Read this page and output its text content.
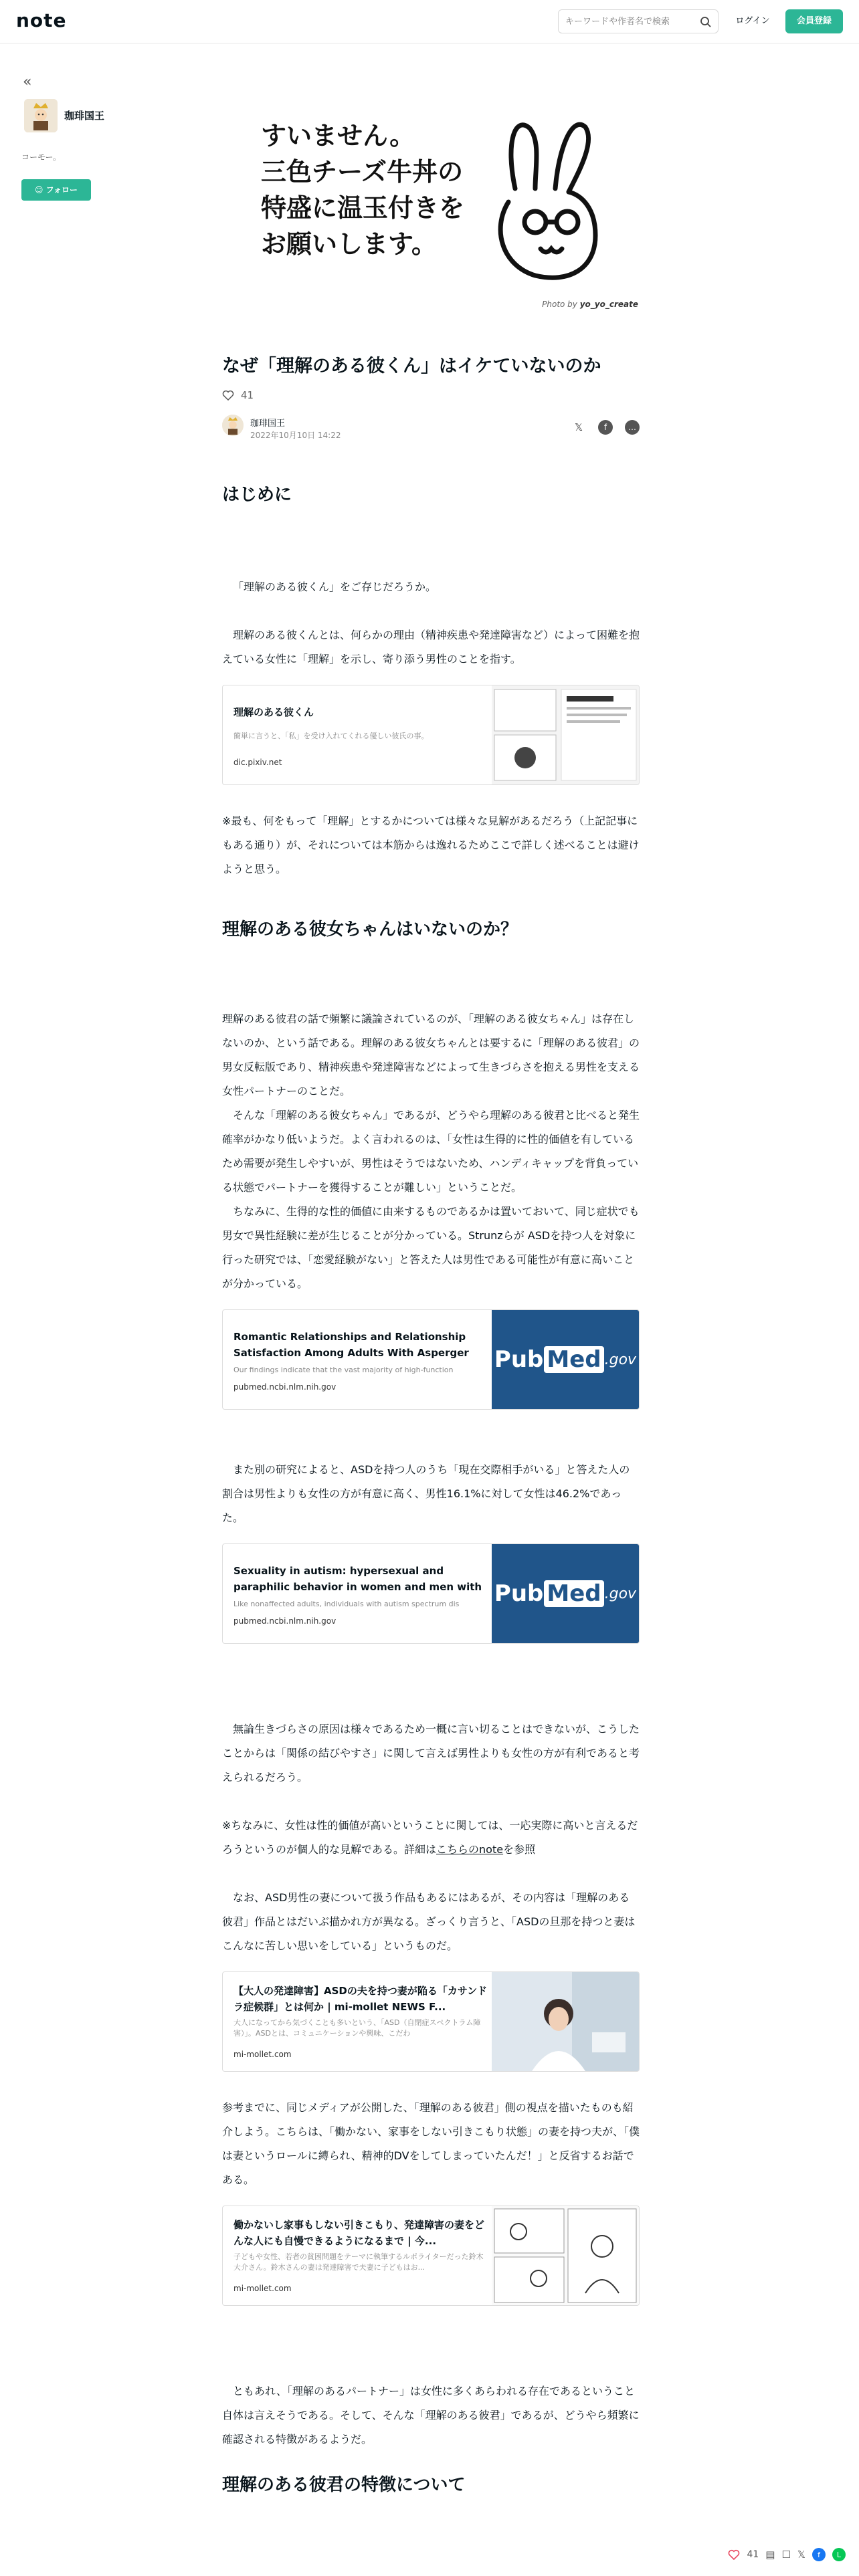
note
キーワードや作者名で検索	ログイン	会員登録
«
珈琲国王
コーモー。
☺ フォロー
すいません。
三色チーズ牛丼の
特盛に温玉付きを
お願いします。
Photo by yo_yo_create
なぜ「理解のある彼くん」はイケていないのか
41
珈琲国王
2022年10月10日 14:22
𝕏	f	…
はじめに

「理解のある彼くん」をご存じだろうか。

理解のある彼くんとは、何らかの理由（精神疾患や発達障害など）によって困難を抱えている女性に「理解」を示し、寄り添う男性のことを指す。

理解のある彼くん
簡単に言うと、「私」を受け入れてくれる優しい彼氏の事。
dic.pixiv.net

※最も、何をもって「理解」とするかについては様々な見解があるだろう（上記記事にもある通り）が、それについては本筋からは逸れるためここで詳しく述べることは避けようと思う。

理解のある彼女ちゃんはいないのか？

理解のある彼君の話で頻繁に議論されているのが、「理解のある彼女ちゃん」は存在しないのか、という話である。理解のある彼女ちゃんとは要するに「理解のある彼君」の男女反転版であり、精神疾患や発達障害などによって生きづらさを抱える男性を支える女性パートナーのことだ。

そんな「理解のある彼女ちゃん」であるが、どうやら理解のある彼君と比べると発生確率がかなり低いようだ。よく言われるのは、「女性は生得的に性的価値を有しているため需要が発生しやすいが、男性はそうではないため、ハンディキャップを背負っている状態でパートナーを獲得することが難しい」ということだ。

ちなみに、生得的な性的価値に由来するものであるかは置いておいて、同じ症状でも男女で異性経験に差が生じることが分かっている。Strunzらが ASDを持つ人を対象に行った研究では、「恋愛経験がない」と答えた人は男性である可能性が有意に高いことが分かっている。

Romantic Relationships and Relationship Satisfaction Among Adults With Asperger
Our findings indicate that the vast majority of high-function
pubmed.ncbi.nlm.nih.gov
Pub Med .gov

また別の研究によると、ASDを持つ人のうち「現在交際相手がいる」と答えた人の割合は男性よりも女性の方が有意に高く、男性16.1%に対して女性は46.2%であった。

Sexuality in autism: hypersexual and paraphilic behavior in women and men with
Like nonaffected adults, individuals with autism spectrum dis
pubmed.ncbi.nlm.nih.gov
Pub Med .gov

無論生きづらさの原因は様々であるため一概に言い切ることはできないが、こうしたことからは「関係の結びやすさ」に関して言えば男性よりも女性の方が有利であると考えられるだろう。

※ちなみに、女性は性的価値が高いということに関しては、一応実際に高いと言えるだろうというのが個人的な見解である。詳細はこちらのnoteを参照

なお、ASD男性の妻について扱う作品もあるにはあるが、その内容は「理解のある彼君」作品とはだいぶ描かれ方が異なる。ざっくり言うと、「ASDの旦那を持つと妻はこんなに苦しい思いをしている」というものだ。

【大人の発達障害】ASDの夫を持つ妻が陥る「カサンドラ症候群」とは何か | mi-mollet NEWS F...
大人になってから気づくことも多いという、「ASD（自閉症スペクトラム障害）」。ASDとは、コミュニケーションや興味、こだわ
mi-mollet.com

参考までに、同じメディアが公開した、「理解のある彼君」側の視点を描いたものも紹介しよう。こちらは、「働かない、家事をしない引きこもり状態」の妻を持つ夫が、「僕は妻というロールに縛られ、精神的DVをしてしまっていたんだ！」と反省するお話である。

働かないし家事もしない引きこもり、発達障害の妻をどんな人にも自慢できるようになるまで | 今...
子どもや女性、若者の貧困問題をテーマに執筆するルポライターだった鈴木大介さん。鈴木さんの妻は発達障害で夫妻に子どもはお...
mi-mollet.com

ともあれ、「理解のあるパートナー」は女性に多くあらわれる存在であるということ自体は言えそうである。そして、そんな「理解のある彼君」であるが、どうやら頻繁に確認される特徴があるようだ。

理解のある彼君の特徴について
41 ▤ ☐ 𝕏	f	L
